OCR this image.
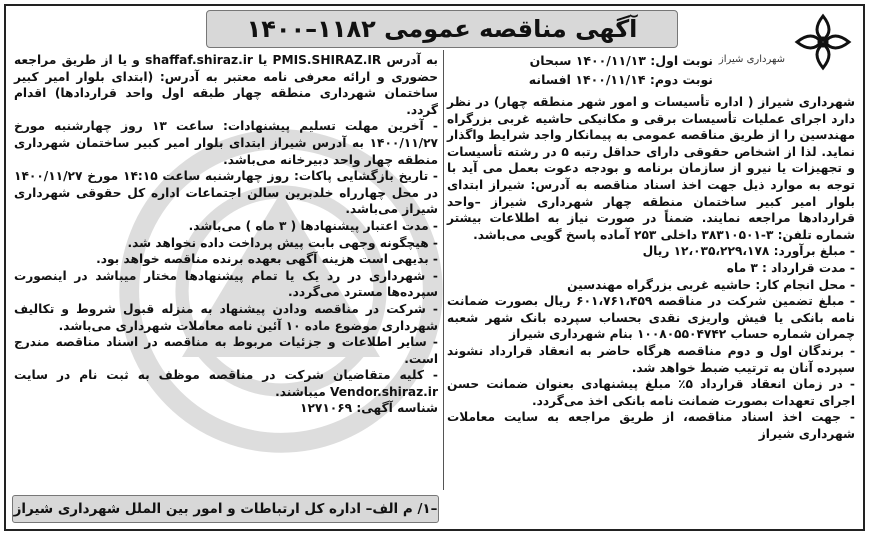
آگهی مناقصه عمومی ۱۱۸۲–۱۴۰۰
شهرداری شیراز
نوبت اول: ۱۴۰۰/۱۱/۱۳ سبحان
نوبت دوم: ۱۴۰۰/۱۱/۱۴ افسانه

شهرداری شیراز ( اداره تأسیسات و امور شهر منطقه چهار) در نظر دارد اجرای عملیات تأسیسات برقی و مکانیکی حاشیه غربی بزرگراه مهندسین را از طریق مناقصه عمومی به پیمانکار واجد شرایط واگذار نماید. لذا از اشخاص حقوقی دارای حداقل رتبه ۵ در رشته تأسیسات و تجهیزات یا نیرو از سازمان برنامه و بودجه دعوت بعمل می آید با توجه به موارد ذیل جهت اخذ اسناد مناقصه به آدرس: شیراز ابتدای بلوار امیر کبیر ساختمان منطقه چهار شهرداری شیراز –واحد قراردادها مراجعه نمایند. ضمناً در صورت نیاز به اطلاعات بیشتر شماره تلفن: ۳-۳۸۳۱۰۵۰۱ داخلی ۲۵۳ آماده پاسخ گویی می‌باشد.

- مبلغ برآورد: ۱۲،۰۳۵،۲۲۹،۱۷۸ ریال

- مدت قرارداد : ۳ ماه

- محل انجام کار: حاشیه غربی بزرگراه مهندسین

- مبلغ تضمین شرکت در مناقصه ۶۰۱،۷۶۱،۴۵۹ ریال بصورت ضمانت نامه بانکی یا فیش واریزی نقدی بحساب سپرده بانک شهر شعبه چمران شماره حساب ۱۰۰۸۰۵۵۰۴۷۴۲ بنام شهرداری شیراز

- برندگان اول و دوم مناقصه هرگاه حاضر به انعقاد قرارداد نشوند سپرده آنان به ترتیب ضبط خواهد شد.

- در زمان انعقاد قرارداد ۵٪ مبلغ پیشنهادی بعنوان ضمانت حسن اجرای تعهدات بصورت ضمانت نامه بانکی اخذ می‌گردد.

- جهت اخذ اسناد مناقصه، از طریق مراجعه به سایت معاملات شهرداری شیراز

به آدرس PMIS.SHIRAZ.IR یا shaffaf.shiraz.ir و یا از طریق مراجعه حضوری و ارائه معرفی نامه معتبر به آدرس: (ابتدای بلوار امیر کبیر ساختمان شهرداری منطقه چهار طبقه اول واحد قراردادها) اقدام گردد.

- آخرین مهلت تسلیم پیشنهادات: ساعت ۱۳ روز چهارشنبه مورخ ۱۴۰۰/۱۱/۲۷ به آدرس شیراز ابتدای بلوار امیر کبیر ساختمان شهرداری منطقه چهار واحد دبیرخانه می‌باشد.

- تاریخ بازگشایی پاکات: روز چهارشنبه ساعت ۱۴:۱۵ مورخ ۱۴۰۰/۱۱/۲۷ در محل چهارراه خلدبرین سالن اجتماعات اداره کل حقوقی شهرداری شیراز می‌باشد.

- مدت اعتبار پیشنهادها ( ۳ ماه ) می‌باشد.

- هیچگونه وجهی بابت پیش پرداخت داده نخواهد شد.

- بدیهی است هزینه آگهی بعهده برنده مناقصه خواهد بود.

- شهرداری در رد یک یا تمام پیشنهادها مختار میباشد در اینصورت سپرده‌ها مسترد می‌گردد.

- شرکت در مناقصه ودادن پیشنهاد به منزله قبول شروط و تکالیف شهرداری موضوع ماده ۱۰ آئین نامه معاملات شهرداری می‌باشد.

- سایر اطلاعات و جزئیات مربوط به مناقصه در اسناد مناقصه مندرج است.

- کلیه متقاضیان شرکت در مناقصه موظف به ثبت نام در سایت Vendor.shiraz.ir میباشند.

شناسه آگهی: ۱۲۷۱۰۶۹

–۱/ م الف– اداره کل ارتباطات و امور بین الملل شهرداری شیراز
